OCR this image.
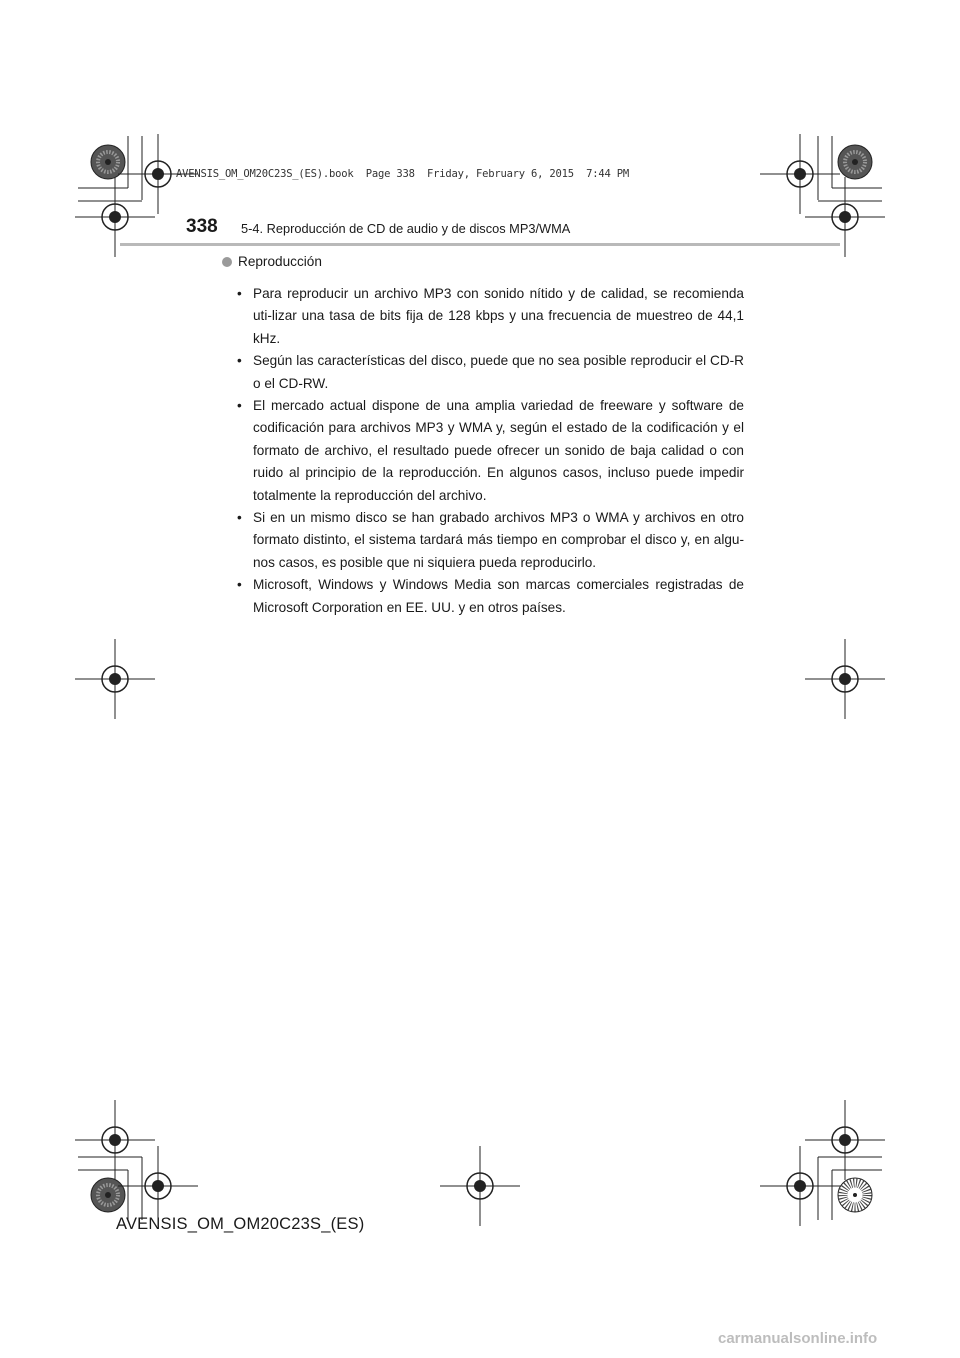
AVENSIS_OM_OM20C23S_(ES).book  Page 338  Friday, February 6, 2015  7:44 PM
338 5-4. Reproducción de CD de audio y de discos MP3/WMA
Reproducción
• Para reproducir un archivo MP3 con sonido nítido y de calidad, se recomienda uti-lizar una tasa de bits fija de 128 kbps y una frecuencia de muestreo de 44,1 kHz.
• Según las características del disco, puede que no sea posible reproducir el CD-R o el CD-RW.
• El mercado actual dispone de una amplia variedad de freeware y software de codificación para archivos MP3 y WMA y, según el estado de la codificación y el formato de archivo, el resultado puede ofrecer un sonido de baja calidad o con ruido al principio de la reproducción. En algunos casos, incluso puede impedir totalmente la reproducción del archivo.
• Si en un mismo disco se han grabado archivos MP3 o WMA y archivos en otro formato distinto, el sistema tardará más tiempo en comprobar el disco y, en algu-nos casos, es posible que ni siquiera pueda reproducirlo.
• Microsoft, Windows y Windows Media son marcas comerciales registradas de Microsoft Corporation en EE. UU. y en otros países.
AVENSIS_OM_OM20C23S_(ES)
carmanualsonline.info
